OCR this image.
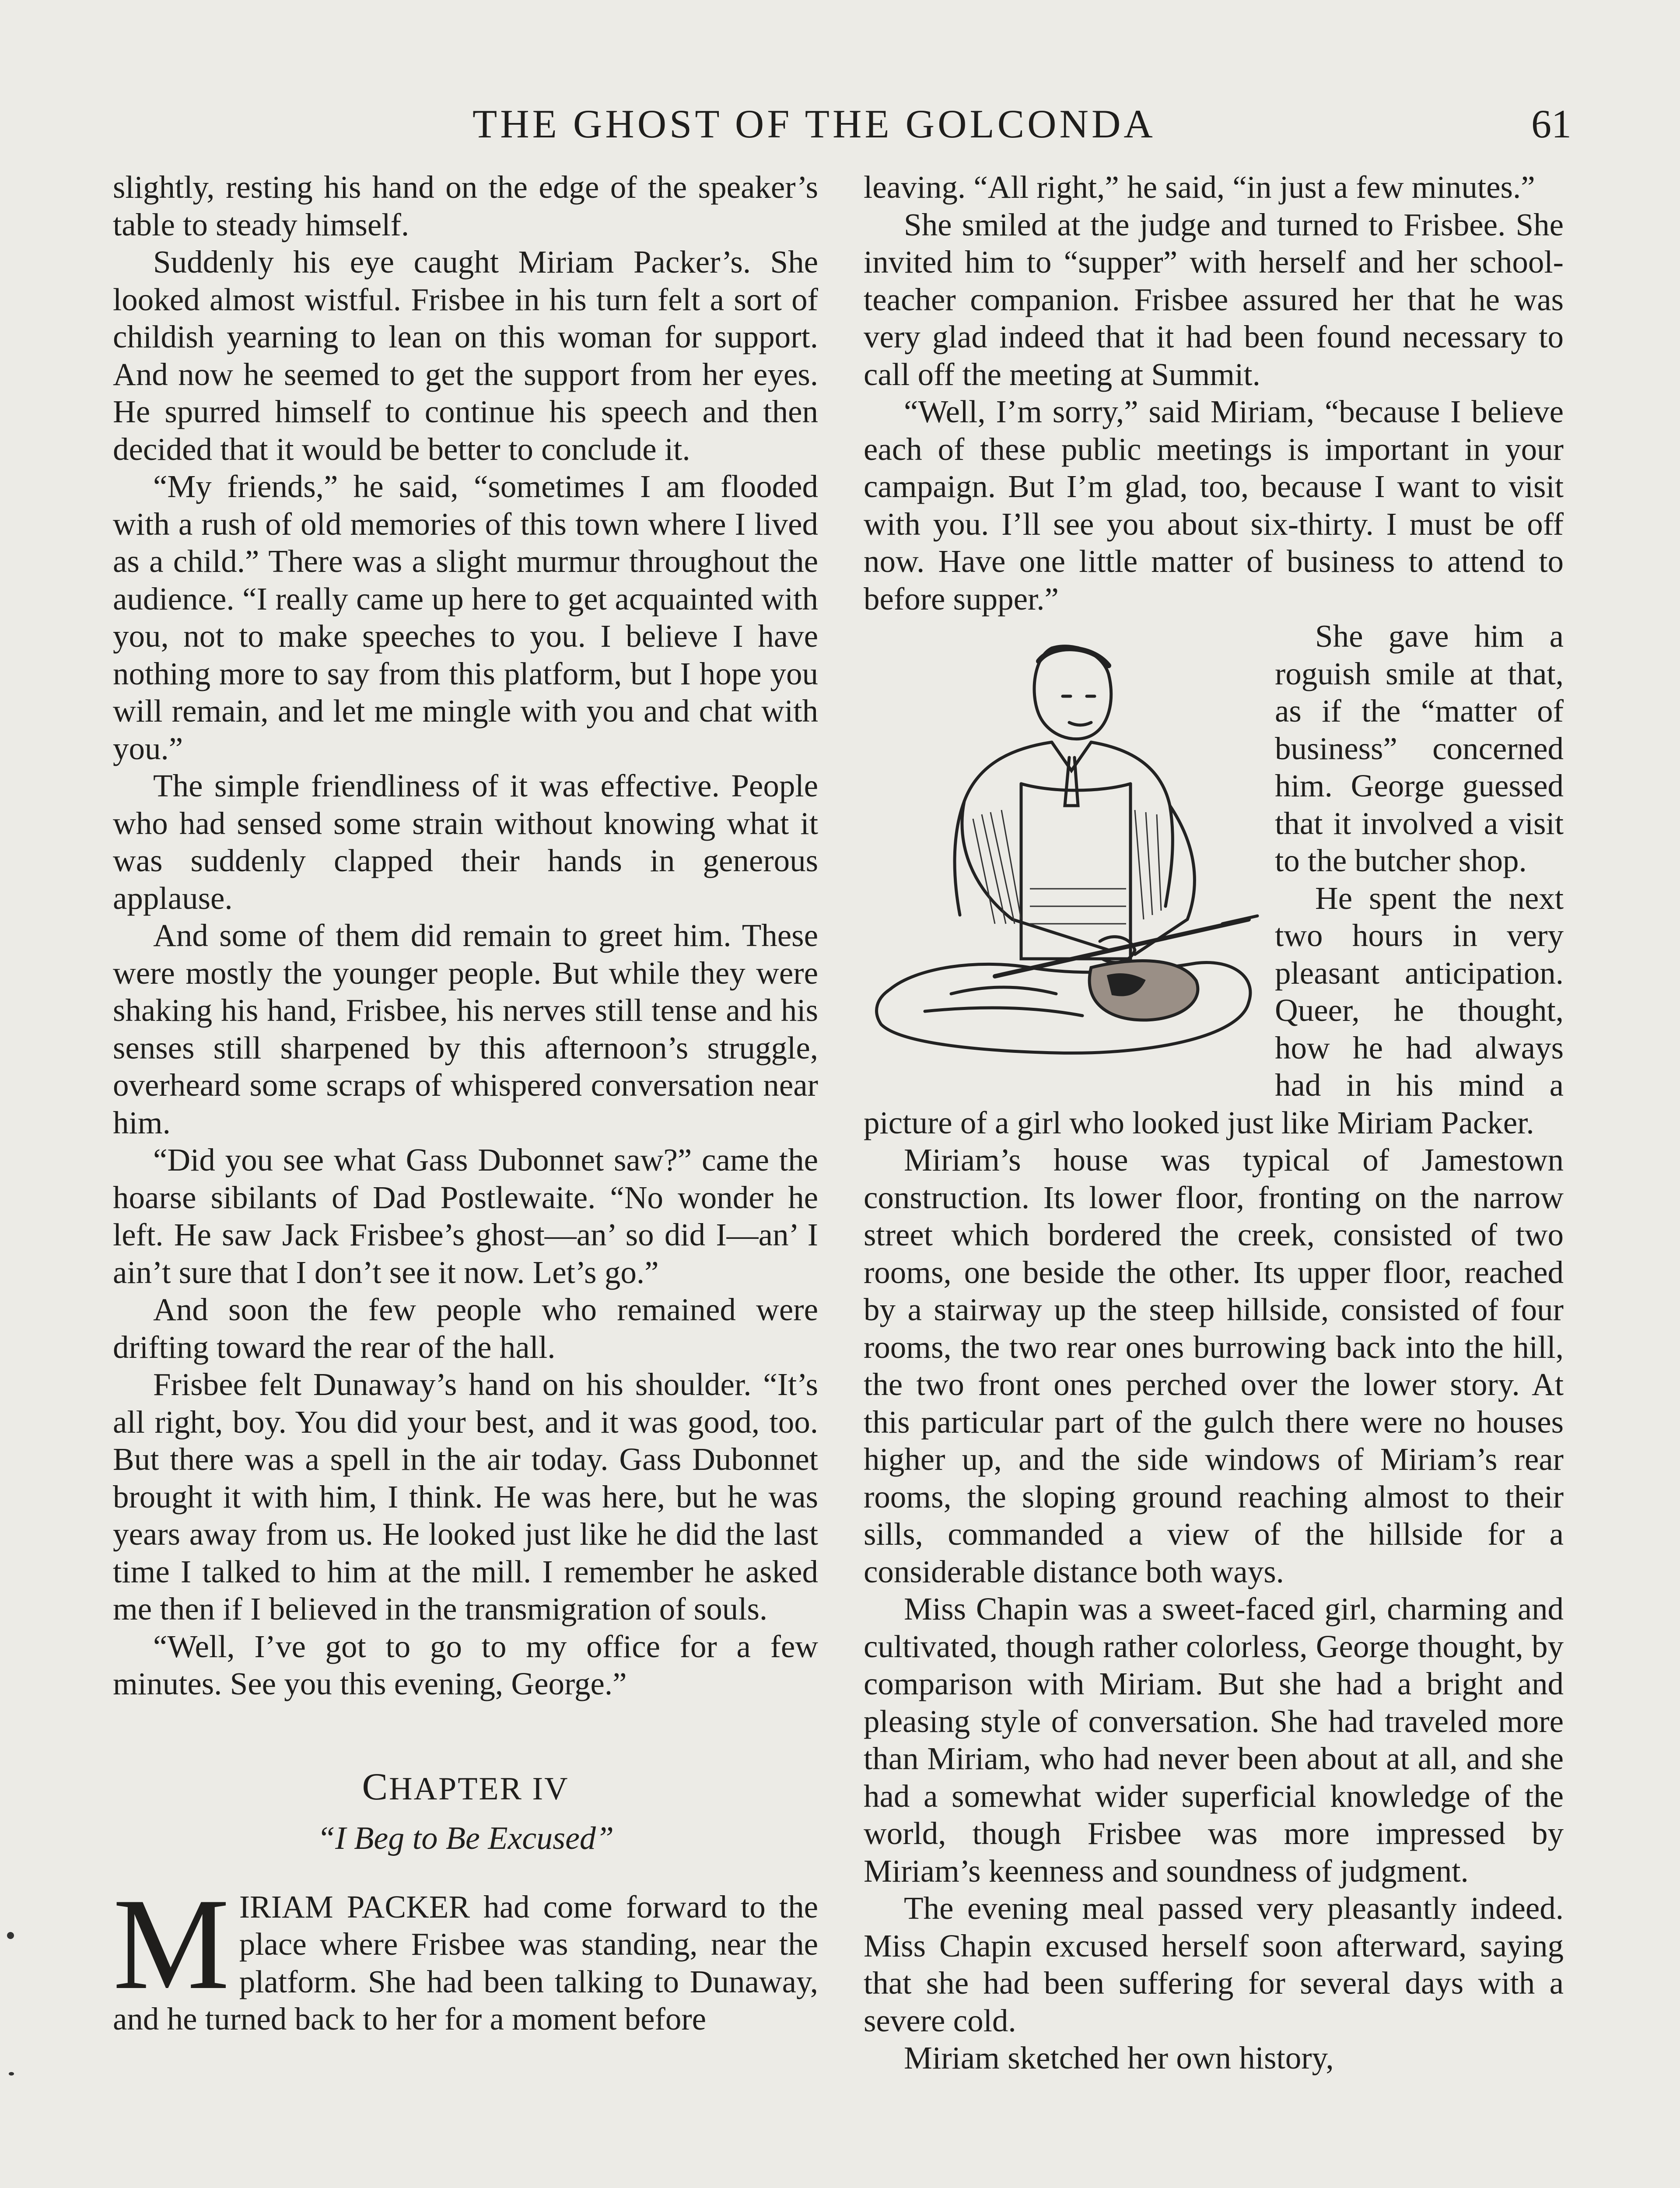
THE GHOST OF THE GOLCONDA	61

slightly, resting his hand on the edge of the speaker’s table to steady himself.

Suddenly his eye caught Miriam Packer’s. She looked almost wistful. Frisbee in his turn felt a sort of childish yearning to lean on this woman for support. And now he seemed to get the support from her eyes. He spurred himself to continue his speech and then decided that it would be better to conclude it.

“My friends,” he said, “sometimes I am flooded with a rush of old memories of this town where I lived as a child.” There was a slight murmur throughout the audience. “I really came up here to get acquainted with you, not to make speeches to you. I believe I have nothing more to say from this platform, but I hope you will remain, and let me mingle with you and chat with you.”

The simple friendliness of it was effective. People who had sensed some strain without knowing what it was suddenly clapped their hands in generous applause.

And some of them did remain to greet him. These were mostly the younger people. But while they were shaking his hand, Frisbee, his nerves still tense and his senses still sharpened by this afternoon’s struggle, overheard some scraps of whispered conversation near him.

“Did you see what Gass Dubonnet saw?” came the hoarse sibilants of Dad Postlewaite. “No wonder he left. He saw Jack Frisbee’s ghost—an’ so did I—an’ I ain’t sure that I don’t see it now. Let’s go.”

And soon the few people who remained were drifting toward the rear of the hall.

Frisbee felt Dunaway’s hand on his shoulder. “It’s all right, boy. You did your best, and it was good, too. But there was a spell in the air today. Gass Dubonnet brought it with him, I think. He was here, but he was years away from us. He looked just like he did the last time I talked to him at the mill. I remember he asked me then if I believed in the transmigration of souls.

“Well, I’ve got to go to my office for a few minutes. See you this evening, George.”

CHAPTER IV
“I Beg to Be Excused”

MIRIAM PACKER had come forward to the place where Frisbee was standing, near the platform. She had been talking to Dunaway, and he turned back to her for a moment before

leaving. “All right,” he said, “in just a few minutes.”

She smiled at the judge and turned to Frisbee. She invited him to “supper” with herself and her school-teacher companion. Frisbee assured her that he was very glad indeed that it had been found necessary to call off the meeting at Summit.

“Well, I’m sorry,” said Miriam, “because I believe each of these public meetings is important in your campaign. But I’m glad, too, because I want to visit with you. I’ll see you about six-thirty. I must be off now. Have one little matter of business to attend to before supper.”

She gave him a roguish smile at that, as if the “matter of business” concerned him. George guessed that it involved a visit to the butcher shop.

He spent the next two hours in very pleasant anticipation. Queer, he thought, how he had always had in his mind a picture of a girl who looked just like Miriam Packer.

Miriam’s house was typical of Jamestown construction. Its lower floor, fronting on the narrow street which bordered the creek, consisted of two rooms, one beside the other. Its upper floor, reached by a stairway up the steep hillside, consisted of four rooms, the two rear ones burrowing back into the hill, the two front ones perched over the lower story. At this particular part of the gulch there were no houses higher up, and the side windows of Miriam’s rear rooms, the sloping ground reaching almost to their sills, commanded a view of the hillside for a considerable distance both ways.

Miss Chapin was a sweet-faced girl, charming and cultivated, though rather colorless, George thought, by comparison with Miriam. But she had a bright and pleasing style of conversation. She had traveled more than Miriam, who had never been about at all, and she had a somewhat wider superficial knowledge of the world, though Frisbee was more impressed by Miriam’s keenness and soundness of judgment.

The evening meal passed very pleasantly indeed. Miss Chapin excused herself soon afterward, saying that she had been suffering for several days with a severe cold.

Miriam sketched her own history,
